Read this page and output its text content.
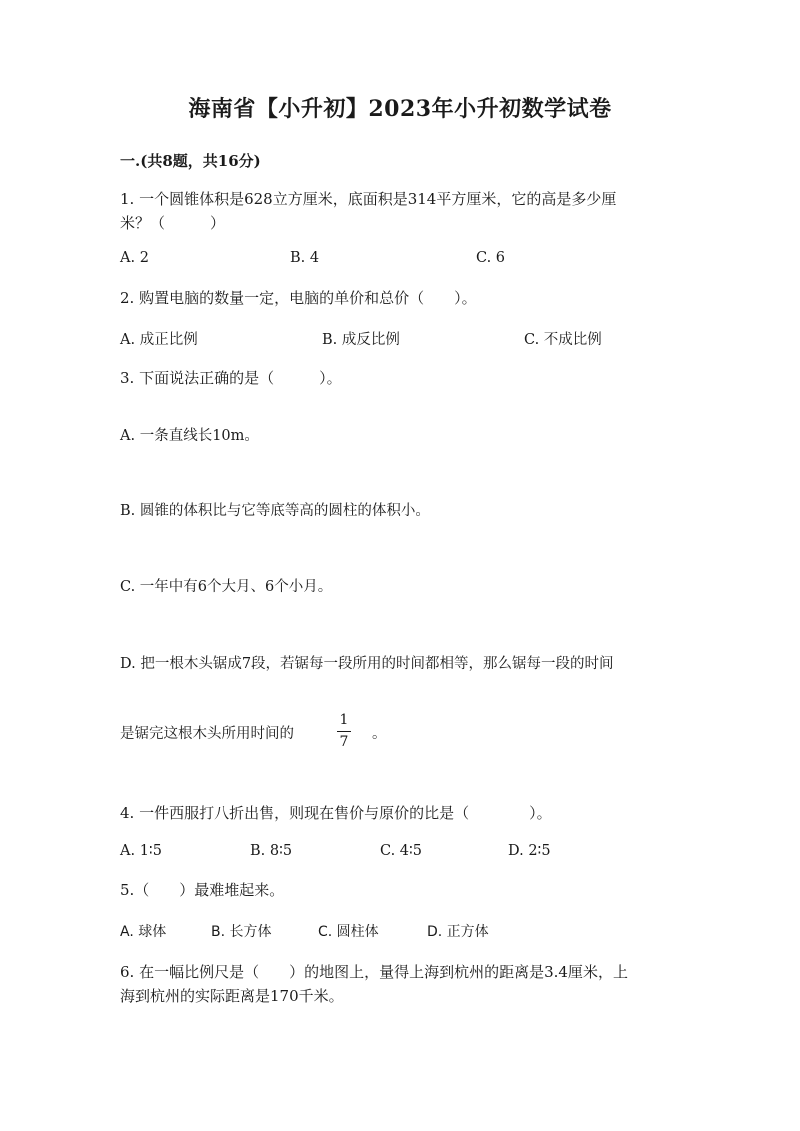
海南省【小升初】2023年小升初数学试卷
一.(共8题，共16分)
1. 一个圆锥体积是628立方厘米，底面积是314平方厘米，它的高是多少厘
米？（　　　）
A. 2	B. 4	C. 6
2. 购置电脑的数量一定，电脑的单价和总价（　　）。
A. 成正比例	B. 成反比例	C. 不成比例
3. 下面说法正确的是（　　　）。
A. 一条直线长10m。
B. 圆锥的体积比与它等底等高的圆柱的体积小。
C. 一年中有6个大月、6个小月。
D. 把一根木头锯成7段，若锯每一段所用的时间都相等，那么锯每一段的时间
是锯完这根木头所用时间的
1
7 。
4. 一件西服打八折出售，则现在售价与原价的比是（　　　　）。
A. 1∶5	B. 8∶5	C. 4∶5	D. 2∶5
5.（　　）最难堆起来。
A. 球体	B. 长方体	C. 圆柱体	D. 正方体
6. 在一幅比例尺是（　　）的地图上，量得上海到杭州的距离是3.4厘米，上
海到杭州的实际距离是170千米。
